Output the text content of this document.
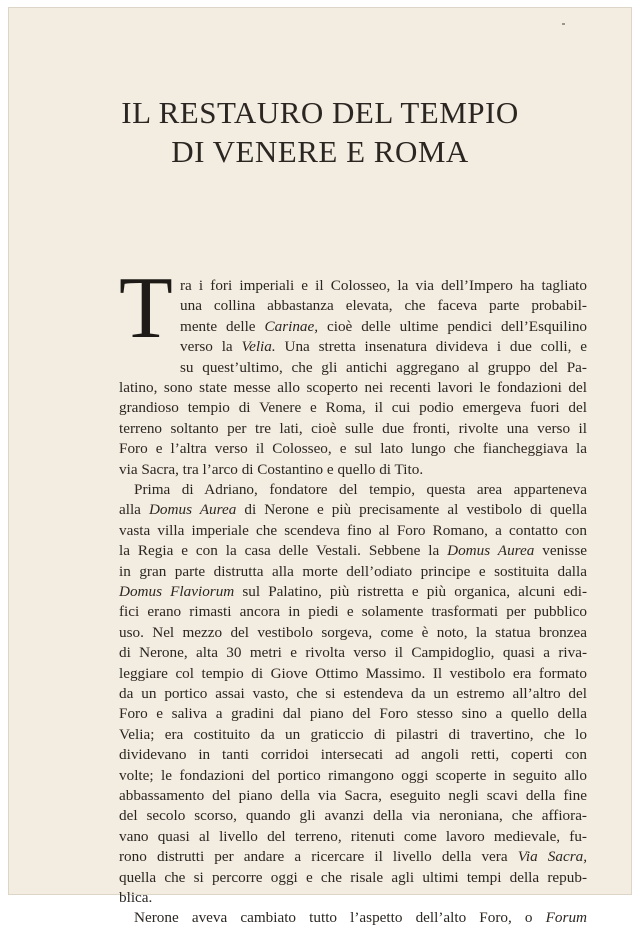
IL RESTAURO DEL TEMPIO
DI VENERE E ROMA
T ra i fori imperiali e il Colosseo, la via dell’Impero ha tagliato
una collina abbastanza elevata, che faceva parte probabil-
mente delle Carinae, cioè delle ultime pendici dell’Esquilino
verso la Velia. Una stretta insenatura divideva i due colli, e
su quest’ultimo, che gli antichi aggregano al gruppo del Pa-
latino, sono state messe allo scoperto nei recenti lavori le fondazioni del
grandioso tempio di Venere e Roma, il cui podio emergeva fuori del
terreno soltanto per tre lati, cioè sulle due fronti, rivolte una verso il
Foro e l’altra verso il Colosseo, e sul lato lungo che fiancheggiava la
via Sacra, tra l’arco di Costantino e quello di Tito.
Prima di Adriano, fondatore del tempio, questa area apparteneva
alla Domus Aurea di Nerone e più precisamente al vestibolo di quella
vasta villa imperiale che scendeva fino al Foro Romano, a contatto con
la Regia e con la casa delle Vestali. Sebbene la Domus Aurea venisse
in gran parte distrutta alla morte dell’odiato principe e sostituita dalla
Domus Flaviorum sul Palatino, più ristretta e più organica, alcuni edi-
fici erano rimasti ancora in piedi e solamente trasformati per pubblico
uso. Nel mezzo del vestibolo sorgeva, come è noto, la statua bronzea
di Nerone, alta 30 metri e rivolta verso il Campidoglio, quasi a riva-
leggiare col tempio di Giove Ottimo Massimo. Il vestibolo era formato
da un portico assai vasto, che si estendeva da un estremo all’altro del
Foro e saliva a gradini dal piano del Foro stesso sino a quello della
Velia; era costituito da un graticcio di pilastri di travertino, che lo
dividevano in tanti corridoi intersecati ad angoli retti, coperti con
volte; le fondazioni del portico rimangono oggi scoperte in seguito allo
abbassamento del piano della via Sacra, eseguito negli scavi della fine
del secolo scorso, quando gli avanzi della via neroniana, che affiora-
vano quasi al livello del terreno, ritenuti come lavoro medievale, fu-
rono distrutti per andare a ricercare il livello della vera Via Sacra,
quella che si percorre oggi e che risale agli ultimi tempi della repub-
blica.
Nerone aveva cambiato tutto l’aspetto dell’alto Foro, o Forum
